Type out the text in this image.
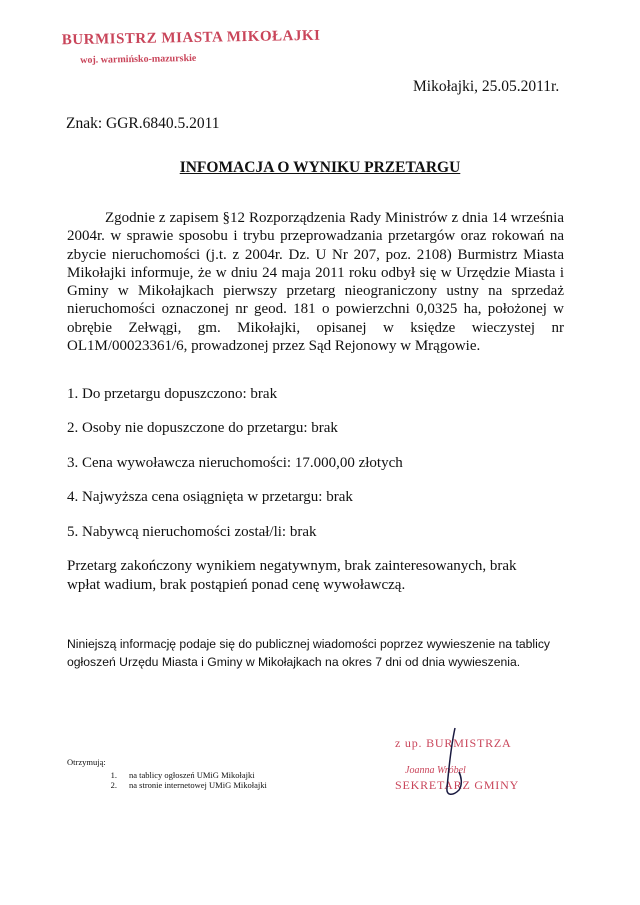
BURMISTRZ MIASTA MIKOŁAJKI
woj. warmińsko-mazurskie
Mikołajki, 25.05.2011r.
Znak: GGR.6840.5.2011
INFOMACJA O WYNIKU PRZETARGU
Zgodnie z zapisem §12 Rozporządzenia Rady Ministrów z dnia 14 września 2004r. w sprawie sposobu i trybu przeprowadzania przetargów oraz rokowań na zbycie nieruchomości (j.t. z 2004r. Dz. U Nr 207, poz. 2108) Burmistrz Miasta Mikołajki informuje, że w dniu 24 maja 2011 roku odbył się w Urzędzie Miasta i Gminy w Mikołajkach pierwszy przetarg nieograniczony ustny na sprzedaż nieruchomości oznaczonej nr geod. 181 o powierzchni 0,0325 ha, położonej w obrębie Zełwągi, gm. Mikołajki, opisanej w księdze wieczystej nr OL1M/00023361/6, prowadzonej przez Sąd Rejonowy w Mrągowie.
1. Do przetargu dopuszczono: brak
2. Osoby nie dopuszczone do przetargu: brak
3. Cena wywoławcza nieruchomości: 17.000,00 złotych
4. Najwyższa cena osiągnięta w przetargu: brak
5. Nabywcą nieruchomości został/li: brak
Przetarg zakończony wynikiem negatywnym, brak zainteresowanych, brak wpłat wadium, brak postąpień ponad cenę wywoławczą.
Niniejszą informację podaje się do publicznej wiadomości poprzez wywieszenie na tablicy ogłoszeń Urzędu Miasta i Gminy w Mikołajkach na okres 7 dni od dnia wywieszenia.
Otrzymują:
1.	na tablicy ogłoszeń UMiG Mikołajki
2.	na stronie internetowej UMiG Mikołajki
z up. BURMISTRZA
Joanna Wróbel
SEKRETARZ GMINY
